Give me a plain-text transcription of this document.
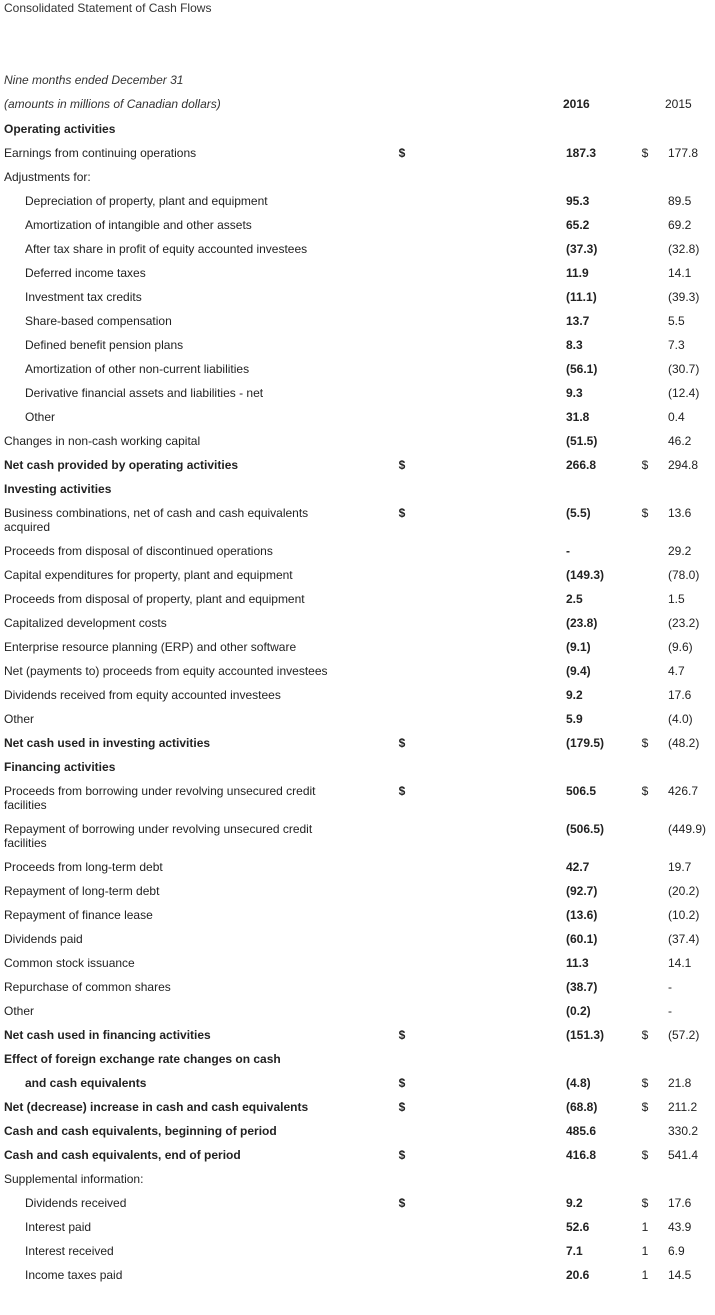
Consolidated Statement of Cash Flows
Nine months ended December 31
(amounts in millions of Canadian dollars)	2016	2015
Operating activities
Earnings from continuing operations	$	187.3	$ 177.8
Adjustments for:
Depreciation of property, plant and equipment	95.3	89.5
Amortization of intangible and other assets	65.2	69.2
After tax share in profit of equity accounted investees	(37.3)	(32.8)
Deferred income taxes	11.9	14.1
Investment tax credits	(11.1)	(39.3)
Share-based compensation	13.7	5.5
Defined benefit pension plans	8.3	7.3
Amortization of other non-current liabilities	(56.1)	(30.7)
Derivative financial assets and liabilities - net	9.3	(12.4)
Other	31.8	0.4
Changes in non-cash working capital	(51.5)	46.2
Net cash provided by operating activities	$	266.8	$ 294.8
Investing activities
Business combinations, net of cash and cash equivalents acquired
$	(5.5)	$ 13.6
Proceeds from disposal of discontinued operations	-	29.2
Capital expenditures for property, plant and equipment	(149.3)	(78.0)
Proceeds from disposal of property, plant and equipment	2.5	1.5
Capitalized development costs	(23.8)	(23.2)
Enterprise resource planning (ERP) and other software	(9.1)	(9.6)
Net (payments to) proceeds from equity accounted investees	(9.4)	4.7
Dividends received from equity accounted investees	9.2	17.6
Other	5.9	(4.0)
Net cash used in investing activities	$	(179.5)	$ (48.2)
Financing activities
Proceeds from borrowing under revolving unsecured credit facilities
$	506.5	$ 426.7
Repayment of borrowing under revolving unsecured credit facilities
(506.5)	(449.9)
Proceeds from long-term debt	42.7	19.7
Repayment of long-term debt	(92.7)	(20.2)
Repayment of finance lease	(13.6)	(10.2)
Dividends paid	(60.1)	(37.4)
Common stock issuance	11.3	14.1
Repurchase of common shares	(38.7)	-
Other	(0.2)	-
Net cash used in financing activities	$	(151.3)	$ (57.2)
Effect of foreign exchange rate changes on cash
and cash equivalents	$	(4.8)	$ 21.8
Net (decrease) increase in cash and cash equivalents	$	(68.8)	$ 211.2
Cash and cash equivalents, beginning of period	485.6	330.2
Cash and cash equivalents, end of period	$	416.8	$ 541.4
Supplemental information:
Dividends received	$	9.2	$ 17.6
Interest paid	52.6	1 43.9
Interest received	7.1	1 6.9
Income taxes paid	20.6	1 14.5
